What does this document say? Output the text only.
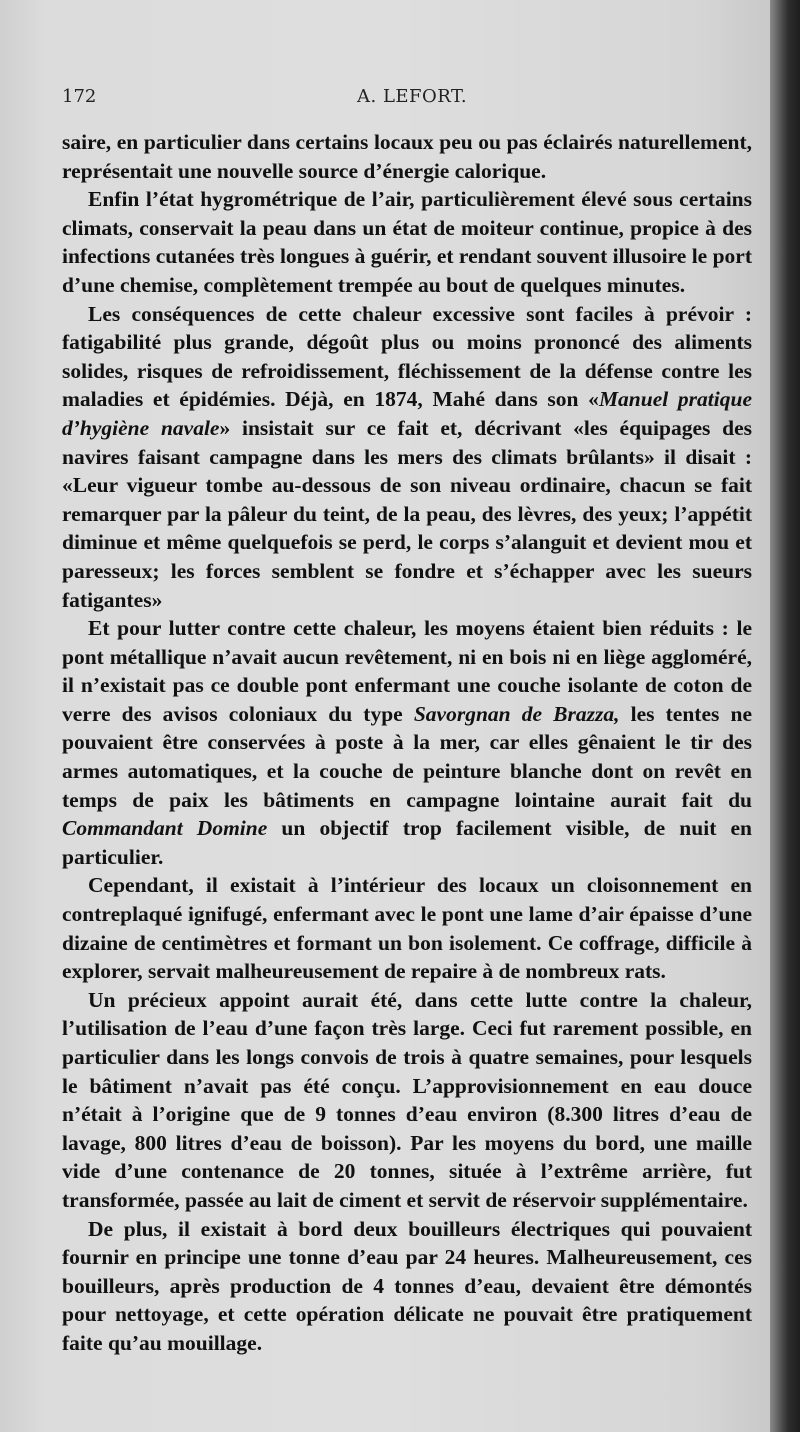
172	A. LEFORT.

saire, en particulier dans certains locaux peu ou pas éclairés naturellement, représentait une nouvelle source d’énergie calorique.

Enfin l’état hygrométrique de l’air, particulièrement élevé sous certains climats, conservait la peau dans un état de moiteur continue, propice à des infections cutanées très longues à guérir, et rendant souvent illusoire le port d’une chemise, complètement trempée au bout de quelques minutes.

Les conséquences de cette chaleur excessive sont faciles à prévoir : fatigabilité plus grande, dégoût plus ou moins prononcé des aliments solides, risques de refroidissement, fléchissement de la défense contre les maladies et épidémies. Déjà, en 1874, Mahé dans son «Manuel pratique d’hygiène navale» insistait sur ce fait et, décrivant «les équipages des navires faisant campagne dans les mers des climats brûlants» il disait : «Leur vigueur tombe au-dessous de son niveau ordinaire, chacun se fait remarquer par la pâleur du teint, de la peau, des lèvres, des yeux; l’appétit diminue et même quelquefois se perd, le corps s’alanguit et devient mou et paresseux; les forces semblent se fondre et s’échapper avec les sueurs fatigantes»

Et pour lutter contre cette chaleur, les moyens étaient bien réduits : le pont métallique n’avait aucun revêtement, ni en bois ni en liège aggloméré, il n’existait pas ce double pont enfermant une couche isolante de coton de verre des avisos coloniaux du type Savorgnan de Brazza, les tentes ne pouvaient être conservées à poste à la mer, car elles gênaient le tir des armes automatiques, et la couche de peinture blanche dont on revêt en temps de paix les bâtiments en campagne lointaine aurait fait du Commandant Domine un objectif trop facilement visible, de nuit en particulier.

Cependant, il existait à l’intérieur des locaux un cloisonnement en contreplaqué ignifugé, enfermant avec le pont une lame d’air épaisse d’une dizaine de centimètres et formant un bon isolement. Ce coffrage, difficile à explorer, servait malheureusement de repaire à de nombreux rats.

Un précieux appoint aurait été, dans cette lutte contre la chaleur, l’utilisation de l’eau d’une façon très large. Ceci fut rarement possible, en particulier dans les longs convois de trois à quatre semaines, pour lesquels le bâtiment n’avait pas été conçu. L’approvisionnement en eau douce n’était à l’origine que de 9 tonnes d’eau environ (8.300 litres d’eau de lavage, 800 litres d’eau de boisson). Par les moyens du bord, une maille vide d’une contenance de 20 tonnes, située à l’extrême arrière, fut transformée, passée au lait de ciment et servit de réservoir supplémentaire.

De plus, il existait à bord deux bouilleurs électriques qui pouvaient fournir en principe une tonne d’eau par 24 heures. Malheureusement, ces bouilleurs, après production de 4 tonnes d’eau, devaient être démontés pour nettoyage, et cette opération délicate ne pouvait être pratiquement faite qu’au mouillage.
